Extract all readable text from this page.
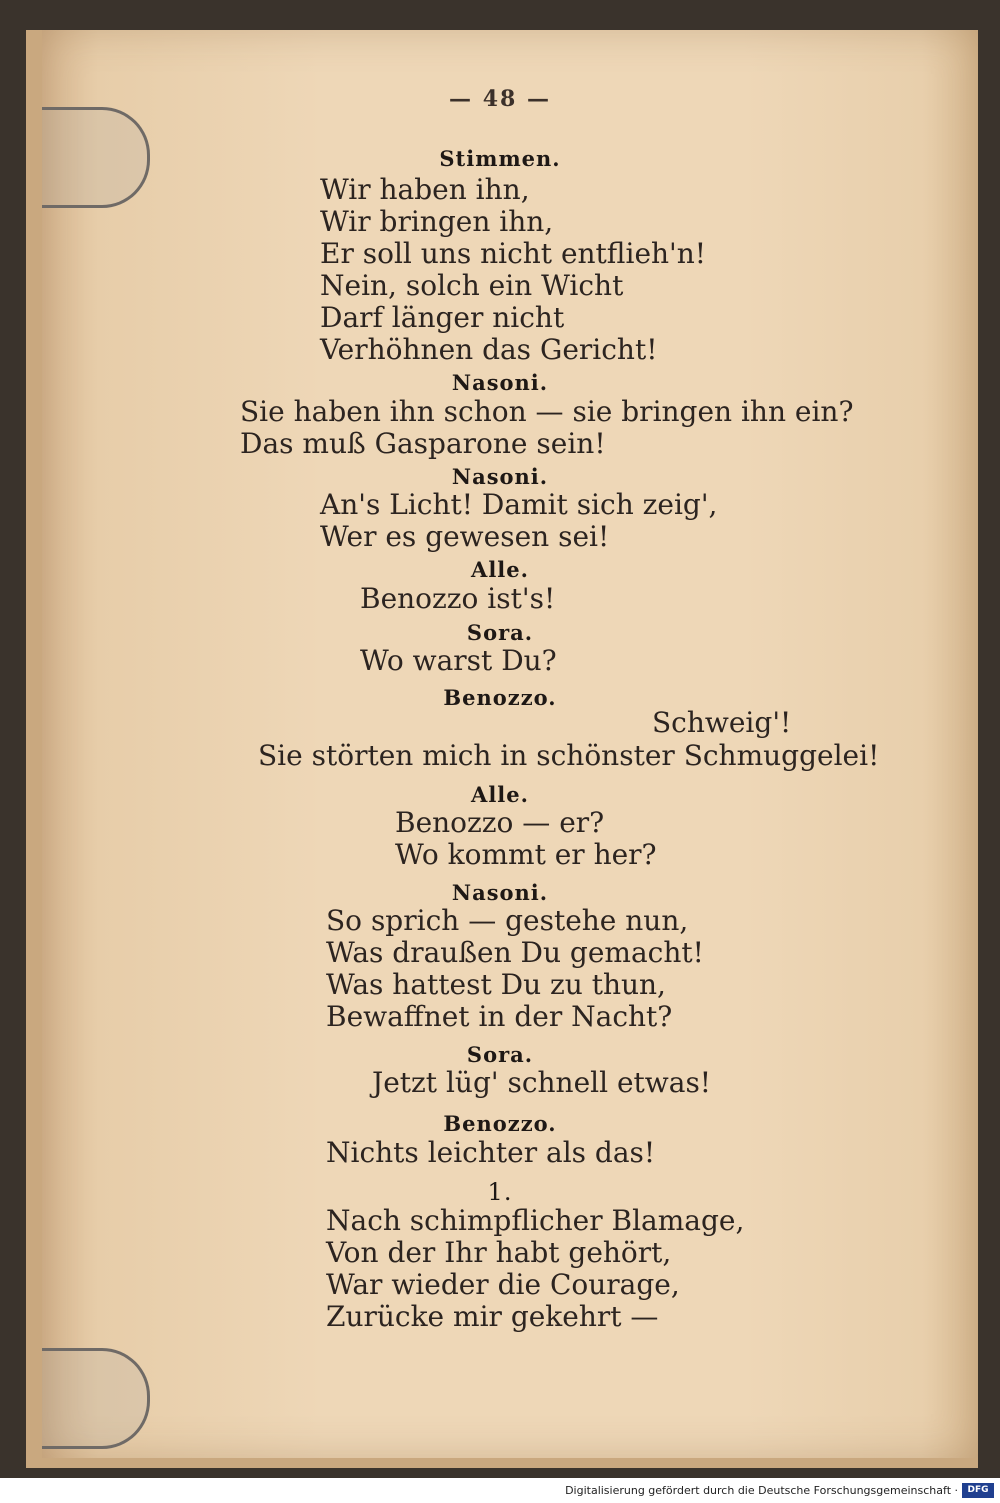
— 48 —
Stimmen.
Wir haben ihn,
Wir bringen ihn,
Er soll uns nicht entflieh'n!
Nein, solch ein Wicht
Darf länger nicht
Verhöhnen das Gericht!
Nasoni.
Sie haben ihn schon — sie bringen ihn ein?
Das muß Gasparone sein!
Nasoni.
An's Licht! Damit sich zeig',
Wer es gewesen sei!
Alle.
Benozzo ist's!
Sora.
Wo warst Du?
Benozzo.
Schweig'!
Sie störten mich in schönster Schmuggelei!
Alle.
Benozzo — er?
Wo kommt er her?
Nasoni.
So sprich — gestehe nun,
Was draußen Du gemacht!
Was hattest Du zu thun,
Bewaffnet in der Nacht?
Sora.
Jetzt lüg' schnell etwas!
Benozzo.
Nichts leichter als das!
1.
Nach schimpflicher Blamage,
Von der Ihr habt gehört,
War wieder die Courage,
Zurücke mir gekehrt —
Digitalisierung gefördert durch die Deutsche Forschungsgemeinschaft ·	DFG
